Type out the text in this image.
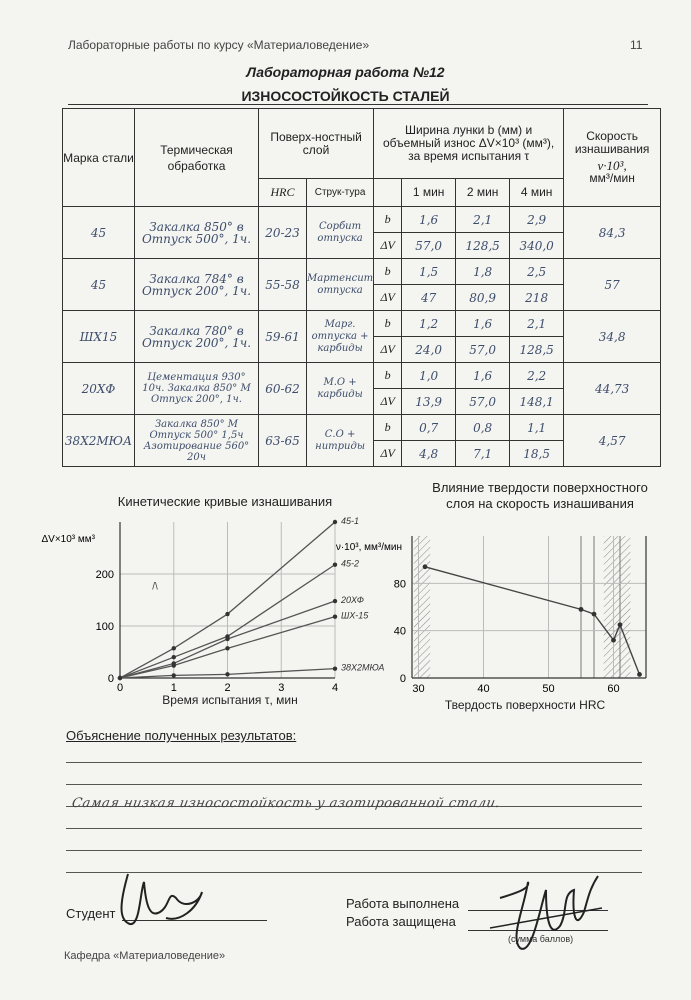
Лабораторные работы по курсу «Материаловедение»	11
Лабораторная работа №12
ИЗНОСОСТОЙКОСТЬ СТАЛЕЙ
Марка стали	Термическая обработка	Поверх-ностный слой		Ширина лунки b (мм) и объемный износ ΔV×10³ (мм³), за время испытания τ				Скорость изнашивания
ν·10³,
мм³/мин

		HRC	Струк-тура		1 мин	2 мин	4 мин	
45	Закалка 850° в Отпуск 500°, 1ч.	20-23	Сорбит отпуска	b	1,6	2,1	2,9	84,3
				ΔV	57,0	128,5	340,0	
45	Закалка 784° в Отпуск 200°, 1ч.	55-58	Мартенсит отпуска	b	1,5	1,8	2,5	57
				ΔV	47	80,9	218	
ШХ15	Закалка 780° в Отпуск 200°, 1ч.	59-61	Марг. отпуска + карбиды	b	1,2	1,6	2,1	34,8
				ΔV	24,0	57,0	128,5	
20ХФ	Цементация 930° 10ч. Закалка 850° М Отпуск 200°, 1ч.	60-62	М.О + карбиды	b	1,0	1,6	2,2	44,73
				ΔV	13,9	57,0	148,1	
38Х2МЮА	Закалка 850° М Отпуск 500° 1,5ч Азотирование 560° 20ч	63-65	С.О + нитриды	b	0,7	0,8	1,1	4,57
				ΔV	4,8	7,1	18,5	
Кинетические кривые изнашивания
ΔV×10³ мм³
0	1	2	3	4
0
100
200
45-1
45-2
20ХФ
ШХ-15
38Х2МЮА
/\
Время испытания τ, мин
Влияние твердости поверхностного слоя на скорость изнашивания
ν·10³, мм³/мин
30	40	50	60
0
40
80
Твердость поверхности HRC
Объяснение полученных результатов:
Самая низкая износостойкость у азотированной стали.
Студент
Работа выполнена
Работа защищена
(сумма баллов)
Кафедра «Материаловедение»
